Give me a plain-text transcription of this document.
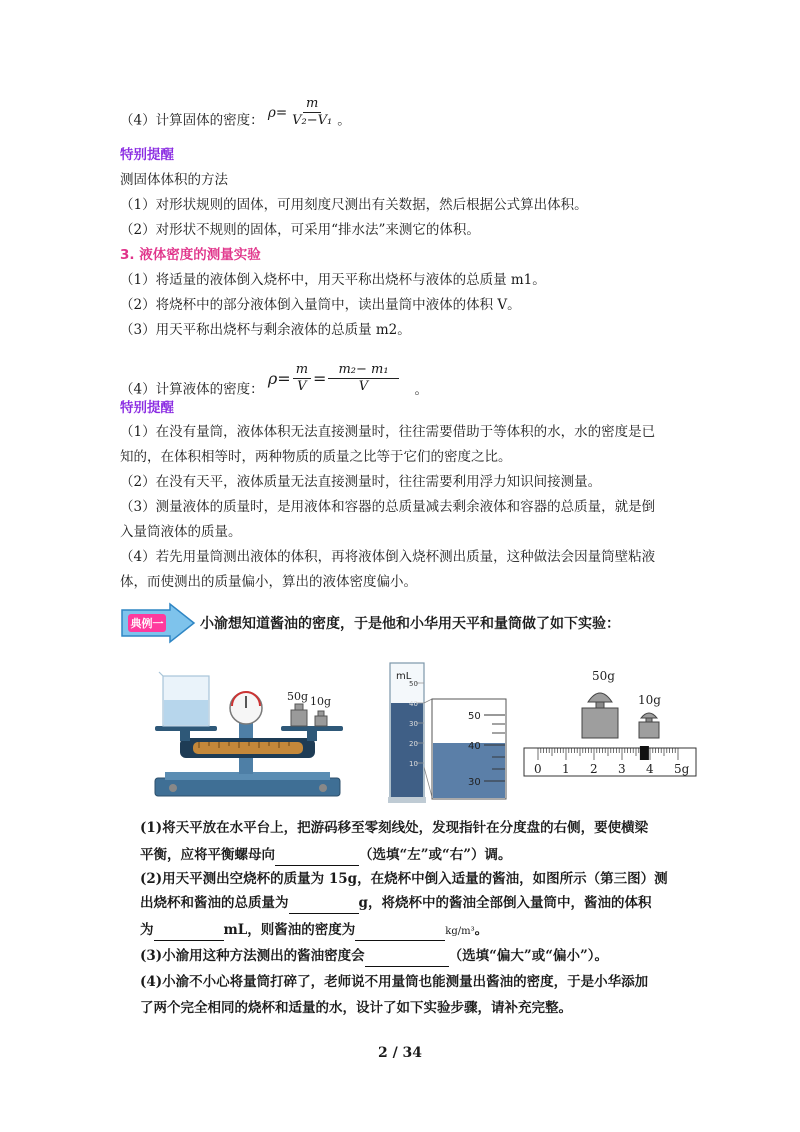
（4）计算固体的密度： $\rho = \frac{m}{\text{V₂−V₁}}$ 。
特别提醒
测固体体积的方法
（1）对形状规则的固体，可用刻度尺测出有关数据，然后根据公式算出体积。
（2）对形状不规则的固体，可采用“排水法”来测它的体积。
3. 液体密度的测量实验
（1）将适量的液体倒入烧杯中，用天平称出烧杯与液体的总质量 m1。
（2）将烧杯中的部分液体倒入量筒中，读出量筒中液体的体积 V。
（3）用天平称出烧杯与剩余液体的总质量 m2。
（4）计算液体的密度：
$\rho = \frac{m}{V} = \frac{\text{m₂− m₁}}{V}$ 。
特别提醒
（1）在没有量筒，液体体积无法直接测量时，往往需要借助于等体积的水，水的密度是已
知的，在体积相等时，两种物质的质量之比等于它们的密度之比。
（2）在没有天平，液体质量无法直接测量时，往往需要利用浮力知识间接测量。
（3）测量液体的质量时，是用液体和容器的总质量减去剩余液体和容器的总质量，就是倒
入量筒液体的质量。
（4）若先用量筒测出液体的体积，再将液体倒入烧杯测出质量，这种做法会因量筒壁粘液
体，而使测出的质量偏小，算出的液体密度偏小。
典例一	小渝想知道酱油的密度，于是他和小华用天平和量筒做了如下实验：
50g 10g
mL
50
40
30
20
10
50
40
30
50g
10g
0 1 2 3 4 5g
(1)将天平放在水平台上，把游码移至零刻线处，发现指针在分度盘的右侧，要使横梁
平衡，应将平衡螺母向	（选填“左”或“右”）调。
(2)用天平测出空烧杯的质量为 15g，在烧杯中倒入适量的酱油，如图所示（第三图）测
出烧杯和酱油的总质量为	g，将烧杯中的酱油全部倒入量筒中，酱油的体积
为	mL，则酱油的密度为	kg/m³。
(3)小渝用这种方法测出的酱油密度会	（选填“偏大”或“偏小”）。
(4)小渝不小心将量筒打碎了，老师说不用量筒也能测量出酱油的密度，于是小华添加
了两个完全相同的烧杯和适量的水，设计了如下实验步骤，请补充完整。
2 / 34
